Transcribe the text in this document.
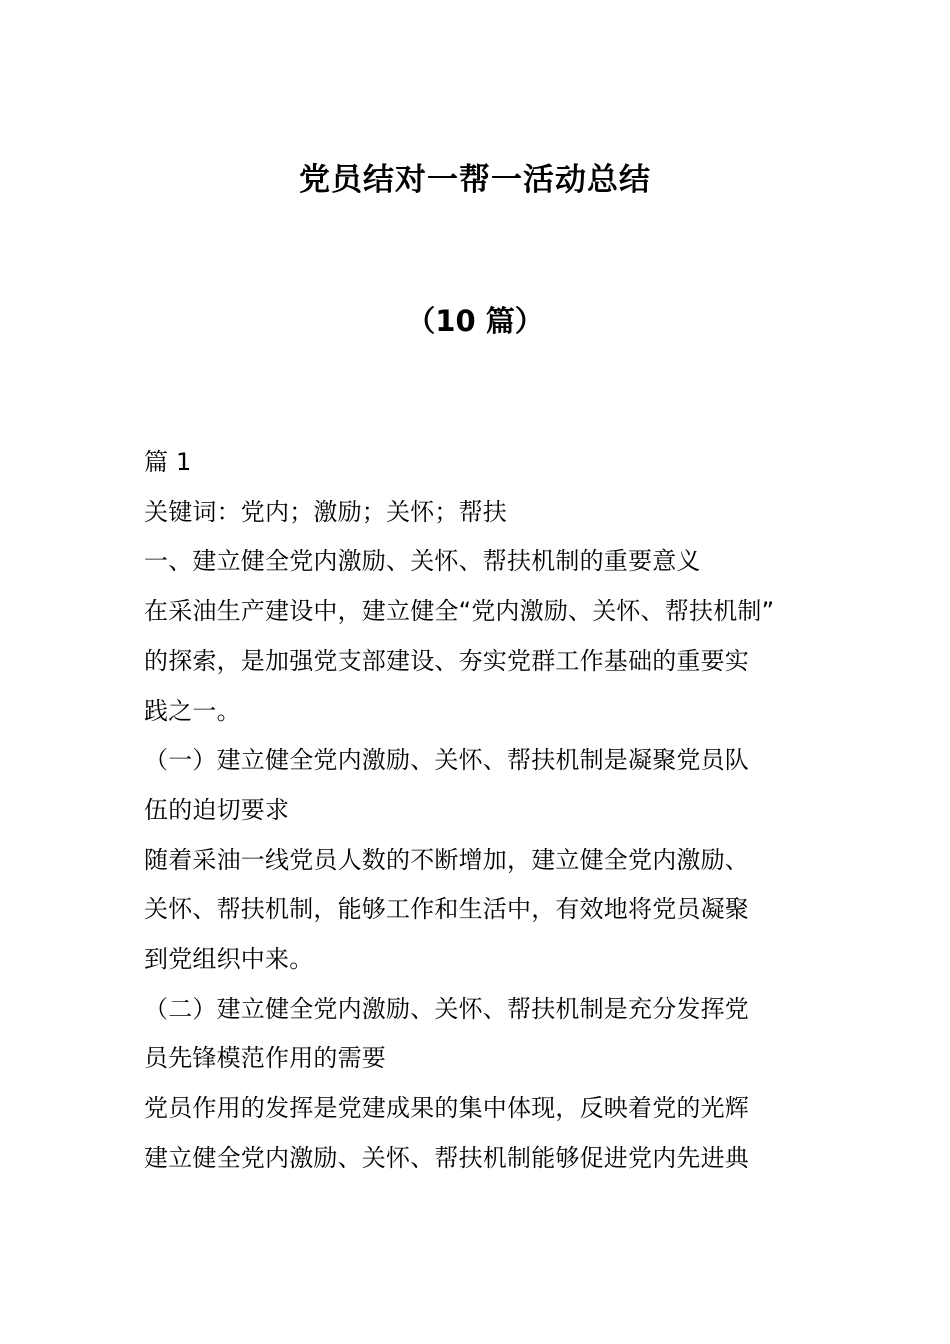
党员结对一帮一活动总结
（10 篇）
篇 1
关键词：党内；激励；关怀；帮扶
一、建立健全党内激励、关怀、帮扶机制的重要意义
在采油生产建设中，建立健全“党内激励、关怀、帮扶机制”
的探索，是加强党支部建设、夯实党群工作基础的重要实
践之一。
（一）建立健全党内激励、关怀、帮扶机制是凝聚党员队
伍的迫切要求
随着采油一线党员人数的不断增加，建立健全党内激励、
关怀、帮扶机制，能够工作和生活中，有效地将党员凝聚
到党组织中来。
（二）建立健全党内激励、关怀、帮扶机制是充分发挥党
员先锋模范作用的需要
党员作用的发挥是党建成果的集中体现，反映着党的光辉
建立健全党内激励、关怀、帮扶机制能够促进党内先进典
